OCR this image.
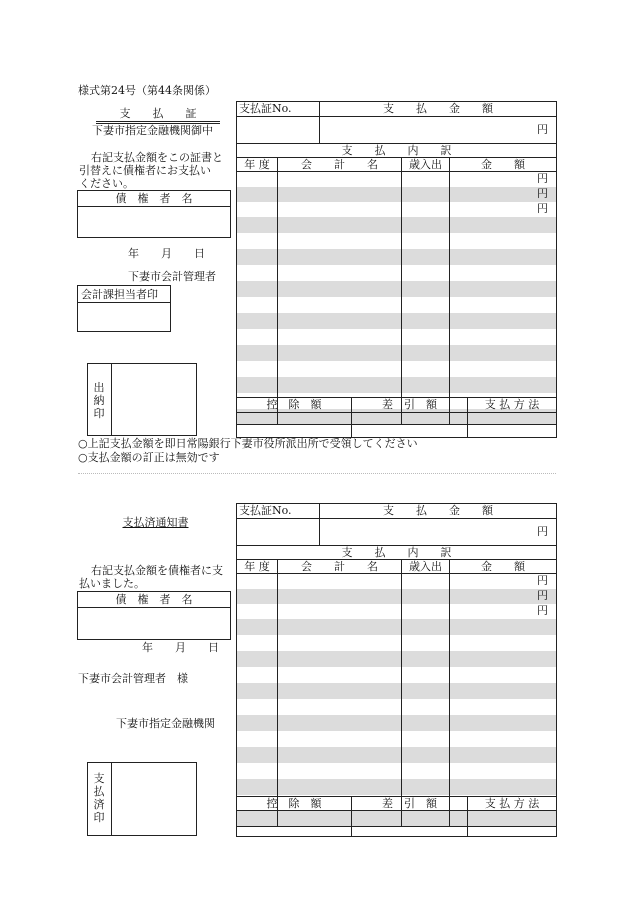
様式第24号（第44条関係）
支　　払　　証
下妻市指定金融機関御中
右記支払金額をこの証書と
引替えに債権者にお支払い
ください。
債　権　者　名
年　　月　　日
下妻市会計管理者
会計課担当者印
出
納
印
○上記支払金額を即日常陽銀行下妻市役所派出所で受領してください
○支払金額の訂正は無効です
支払証No.		支　　払　　金　　額		
		円		
支　　払　　内　　訳				
年 度	会　　計　　名		歳入出	金　　額
				円
				円
				円

控　除　額	差　引　額	支 払 方 法

支払済通知書
右記支払金額を債権者に支
払いました。
債　権　者　名
年　　月　　日
下妻市会計管理者　様
下妻市指定金融機関
支
払
済
印
支払証No.		支　　払　　金　　額		
		円		
支　　払　　内　　訳				
年 度	会　　計　　名		歳入出	金　　額
				円
				円
				円

控　除　額	差　引　額	支 払 方 法
